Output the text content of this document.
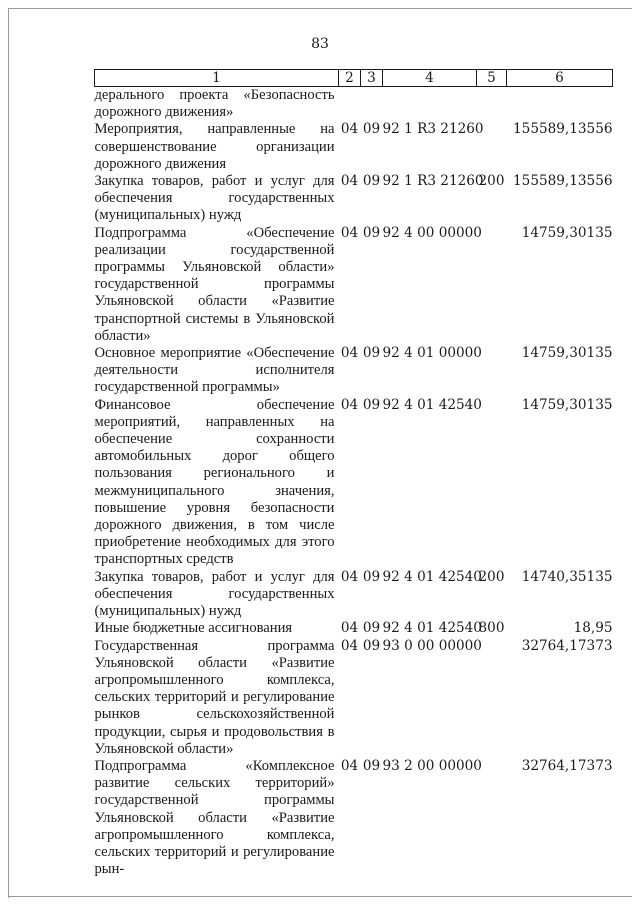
83
1	2	3	4	5	6
дерального проекта «Безопасность дорожного движения»					
Мероприятия, направленные на совершенствование организации дорожного движения	04	09	92 1 R3 21260		155589,13556
Закупка товаров, работ и услуг для обеспечения государственных (муниципальных) нужд	04	09	92 1 R3 21260	200	155589,13556
Подпрограмма «Обеспечение реализации государственной программы Ульяновской области» государственной программы Ульяновской области «Развитие транспортной системы в Ульяновской области»	04	09	92 4 00 00000		14759,30135
Основное мероприятие «Обеспечение деятельности исполнителя государственной программы»	04	09	92 4 01 00000		14759,30135
Финансовое обеспечение мероприятий, направленных на обеспечение сохранности автомобильных дорог общего пользования регионального и межмуниципального значения, повышение уровня безопасности дорожного движения, в том числе приобретение необходимых для этого транспортных средств	04	09	92 4 01 42540		14759,30135
Закупка товаров, работ и услуг для обеспечения государственных (муниципальных) нужд	04	09	92 4 01 42540	200	14740,35135
Иные бюджетные ассигнования	04	09	92 4 01 42540	800	18,95
Государственная программа Ульяновской области «Развитие агропромышленного комплекса, сельских территорий и регулирование рынков сельскохозяйственной продукции, сырья и продовольствия в Ульяновской области»	04	09	93 0 00 00000		32764,17373
Подпрограмма «Комплексное развитие сельских территорий» государственной программы Ульяновской области «Развитие агропромышленного комплекса, сельских территорий и регулирование рын-	04	09	93 2 00 00000		32764,17373
